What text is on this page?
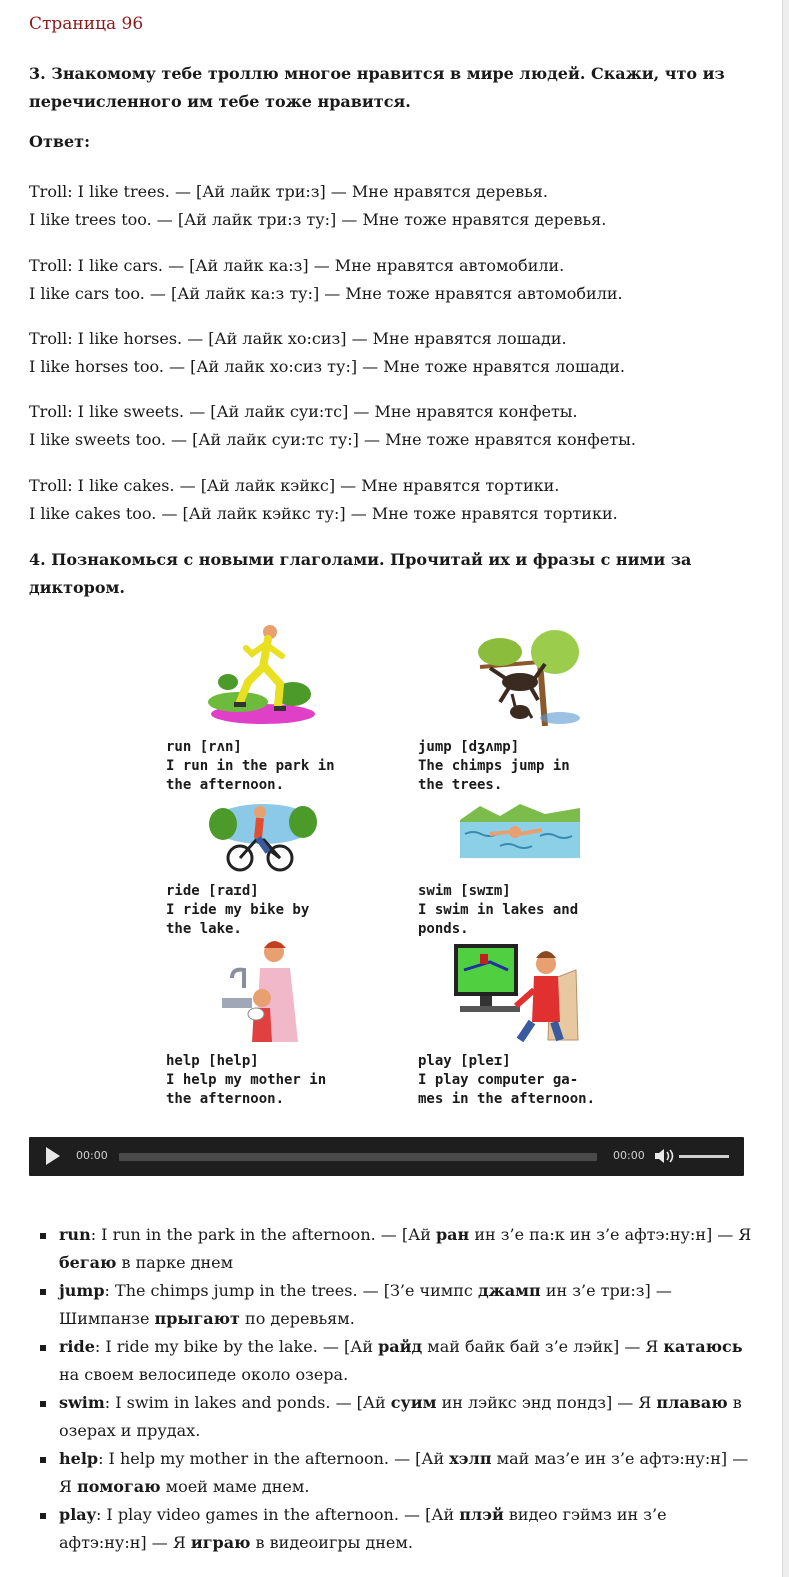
Страница 96
3. Знакомому тебе троллю многое нравится в мире людей. Скажи, что из
перечисленного им тебе тоже нравится.
Ответ:
Troll: I like trees. — [Ай лайк три:з] — Мне нравятся деревья.
I like trees too. — [Ай лайк три:з ту:] — Мне тоже нравятся деревья.
Troll: I like cars. — [Ай лайк ка:з] — Мне нравятся автомобили.
I like cars too. — [Ай лайк ка:з ту:] — Мне тоже нравятся автомобили.
Troll: I like horses. — [Ай лайк хо:сиз] — Мне нравятся лошади.
I like horses too. — [Ай лайк хо:сиз ту:] — Мне тоже нравятся лошади.
Troll: I like sweets. — [Ай лайк суи:тс] — Мне нравятся конфеты.
I like sweets too. — [Ай лайк суи:тс ту:] — Мне тоже нравятся конфеты.
Troll: I like cakes. — [Ай лайк кэйкс] — Мне нравятся тортики.
I like cakes too. — [Ай лайк кэйкс ту:] — Мне тоже нравятся тортики.
4. Познакомься с новыми глаголами. Прочитай их и фразы с ними за
диктором.
run [rʌn]
I run in the park in
the afternoon.
jump [dʒʌmp]
The chimps jump in
the trees.
ride [raɪd]
I ride my bike by
the lake.
swim [swɪm]
I swim in lakes and
ponds.
help [help]
I help my mother in
the afternoon.
play [pleɪ]
I play computer ga-
mes in the afternoon.
00:00	00:00
run: I run in the park in the afternoon. — [Ай ран ин з’е па:к ин з’е афтэ:ну:н] — Я бегаю в парке днем
jump: The chimps jump in the trees. — [З’е чимпс джамп ин з’е три:з] — Шимпанзе прыгают по деревьям.
ride: I ride my bike by the lake. — [Ай райд май байк бай з’е лэйк] — Я катаюсь на своем велосипеде около озера.
swim: I swim in lakes and ponds. — [Ай суим ин лэйкс энд пондз] — Я плаваю в озерах и прудах.
help: I help my mother in the afternoon. — [Ай хэлп май маз’е ин з’е афтэ:ну:н] — Я помогаю моей маме днем.
play: I play video games in the afternoon. — [Ай плэй видео гэймз ин з’е афтэ:ну:н] — Я играю в видеоигры днем.
